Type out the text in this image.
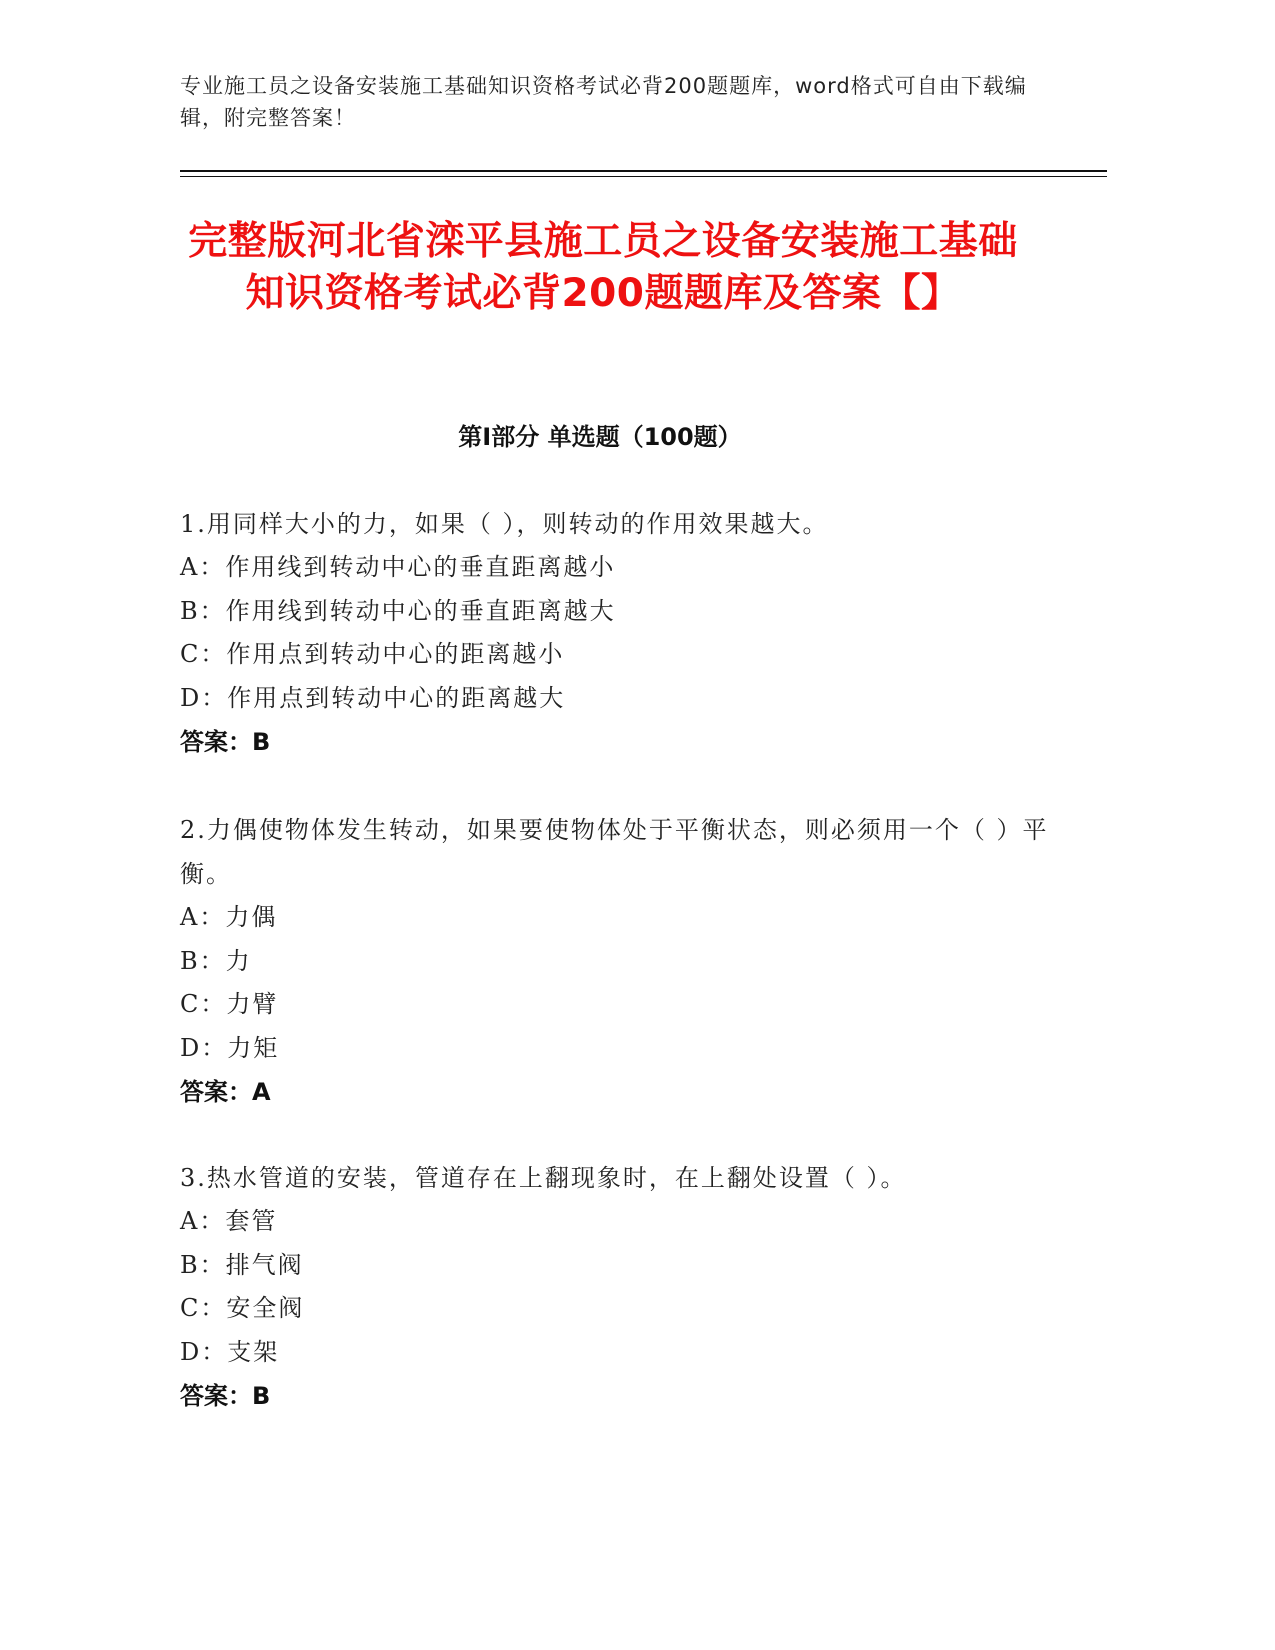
专业施工员之设备安装施工基础知识资格考试必背200题题库，word格式可自由下载编辑，附完整答案！
完整版河北省滦平县施工员之设备安装施工基础知识资格考试必背200题题库及答案【】
第Ⅰ部分 单选题（100题）

1.用同样大小的力，如果（ ），则转动的作用效果越大。

A：作用线到转动中心的垂直距离越小

B：作用线到转动中心的垂直距离越大

C：作用点到转动中心的距离越小

D：作用点到转动中心的距离越大

答案：B

2.力偶使物体发生转动，如果要使物体处于平衡状态，则必须用一个（ ）平衡。

A：力偶

B：力

C：力臂

D：力矩

答案：A

3.热水管道的安装，管道存在上翻现象时，在上翻处设置（ ）。

A：套管

B：排气阀

C：安全阀

D：支架

答案：B
